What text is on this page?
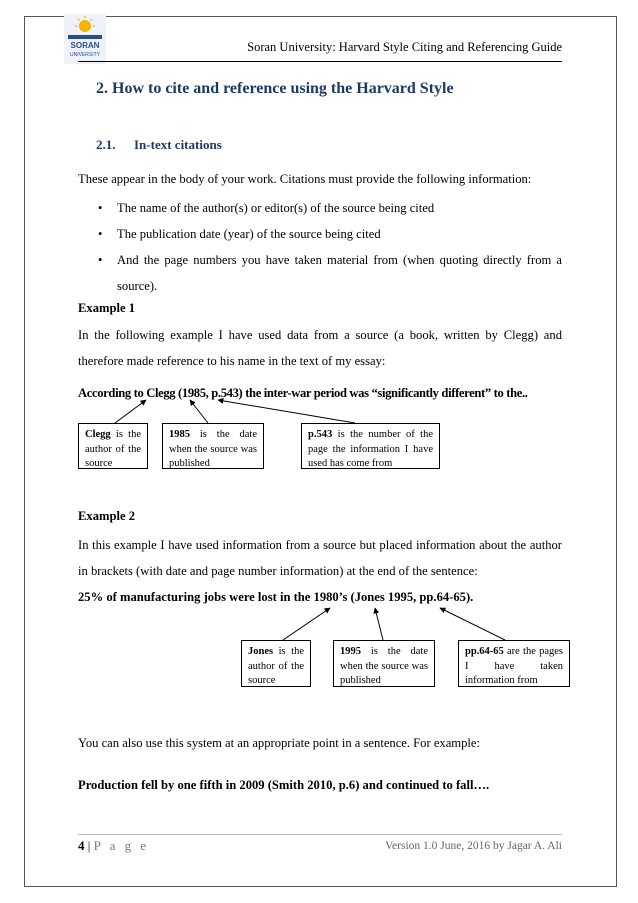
SORAN
UNIVERSITY
Soran University: Harvard Style Citing and Referencing Guide
2. How to cite and reference using the Harvard Style
2.1. In-text citations
These appear in the body of your work. Citations must provide the following information:
• The name of the author(s) or editor(s) of the source being cited
• The publication date (year) of the source being cited
• And the page numbers you have taken material from (when quoting directly from a source).
Example 1
In the following example I have used data from a source (a book, written by Clegg) and therefore made reference to his name in the text of my essay:
According to Clegg (1985, p.543) the inter-war period was “significantly different” to the..
Clegg is the author of the source
1985 is the date when the source was published
p.543 is the number of the page the information I have used has come from
Example 2
In this example I have used information from a source but placed information about the author in brackets (with date and page number information) at the end of the sentence:
25% of manufacturing jobs were lost in the 1980’s (Jones 1995, pp.64-65).
Jones is the author of the source
1995 is the date when the source was published
pp.64-65 are the pages I have taken information from
You can also use this system at an appropriate point in a sentence. For example:
Production fell by one fifth in 2009 (Smith 2010, p.6) and continued to fall….
4 | P a g e	Version 1.0 June, 2016 by Jagar A. Ali
